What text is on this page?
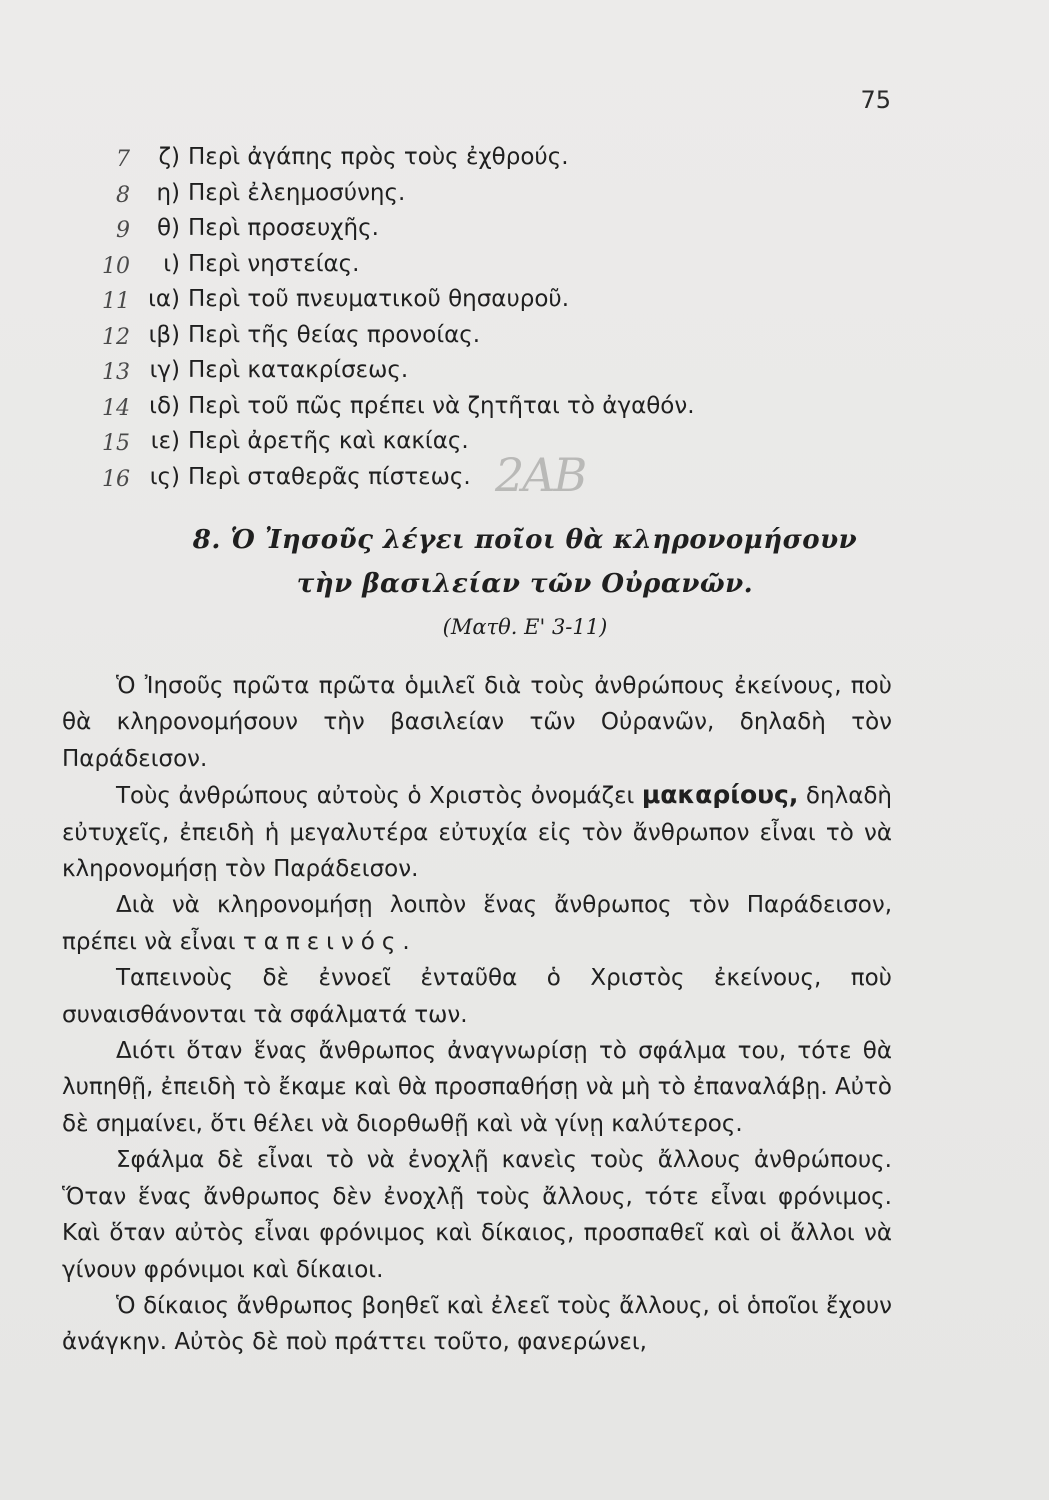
75
7	ζ) Περὶ ἀγάπης πρὸς τοὺς ἐχθρούς.
8	η) Περὶ ἐλεημοσύνης.
9	θ) Περὶ προσευχῆς.
10	ι) Περὶ νηστείας.
11 ια) Περὶ τοῦ πνευματικοῦ θησαυροῦ.
12 ιβ) Περὶ τῆς θείας προνοίας.
13 ιγ) Περὶ κατακρίσεως.
14 ιδ) Περὶ τοῦ πῶς πρέπει νὰ ζητῆται τὸ ἀγαθόν.
15 ιε) Περὶ ἀρετῆς καὶ κακίας.
16 ις) Περὶ σταθερᾶς πίστεως. 2ΑΒ
8. Ὁ Ἰησοῦς λέγει ποῖοι θὰ κληρονομήσουν
τὴν βασιλείαν τῶν Οὐρανῶν.
(Ματθ. Ε' 3-11)

Ὁ Ἰησοῦς πρῶτα πρῶτα ὁμιλεῖ διὰ τοὺς ἀνθρώπους ἐκείνους, ποὺ θὰ κληρονομήσουν τὴν βασιλείαν τῶν Οὐρανῶν, δηλαδὴ τὸν Παράδεισον.

Τοὺς ἀνθρώπους αὐτοὺς ὁ Χριστὸς ὀνομάζει μακαρίους, δηλαδὴ εὐτυχεῖς, ἐπειδὴ ἡ μεγαλυτέρα εὐτυχία εἰς τὸν ἄνθρωπον εἶναι τὸ νὰ κληρονομήσῃ τὸν Παράδεισον.

Διὰ νὰ κληρονομήσῃ λοιπὸν ἕνας ἄνθρωπος τὸν Παράδεισον, πρέπει νὰ εἶναι ταπεινός.

Ταπεινοὺς δὲ ἐννοεῖ ἐνταῦθα ὁ Χριστὸς ἐκείνους, ποὺ συναισθάνονται τὰ σφάλματά των.

Διότι ὅταν ἕνας ἄνθρωπος ἀναγνωρίσῃ τὸ σφάλμα του, τότε θὰ λυπηθῇ, ἐπειδὴ τὸ ἔκαμε καὶ θὰ προσπαθήσῃ νὰ μὴ τὸ ἐπαναλάβῃ. Αὐτὸ δὲ σημαίνει, ὅτι θέλει νὰ διορθωθῇ καὶ νὰ γίνῃ καλύτερος.

Σφάλμα δὲ εἶναι τὸ νὰ ἐνοχλῇ κανεὶς τοὺς ἄλλους ἀνθρώπους. Ὅταν ἕνας ἄνθρωπος δὲν ἐνοχλῇ τοὺς ἄλλους, τότε εἶναι φρόνιμος. Καὶ ὅταν αὐτὸς εἶναι φρόνιμος καὶ δίκαιος, προσπαθεῖ καὶ οἱ ἄλλοι νὰ γίνουν φρόνιμοι καὶ δίκαιοι.

Ὁ δίκαιος ἄνθρωπος βοηθεῖ καὶ ἐλεεῖ τοὺς ἄλλους, οἱ ὁποῖοι ἔχουν ἀνάγκην. Αὐτὸς δὲ ποὺ πράττει τοῦτο, φανερώνει,
